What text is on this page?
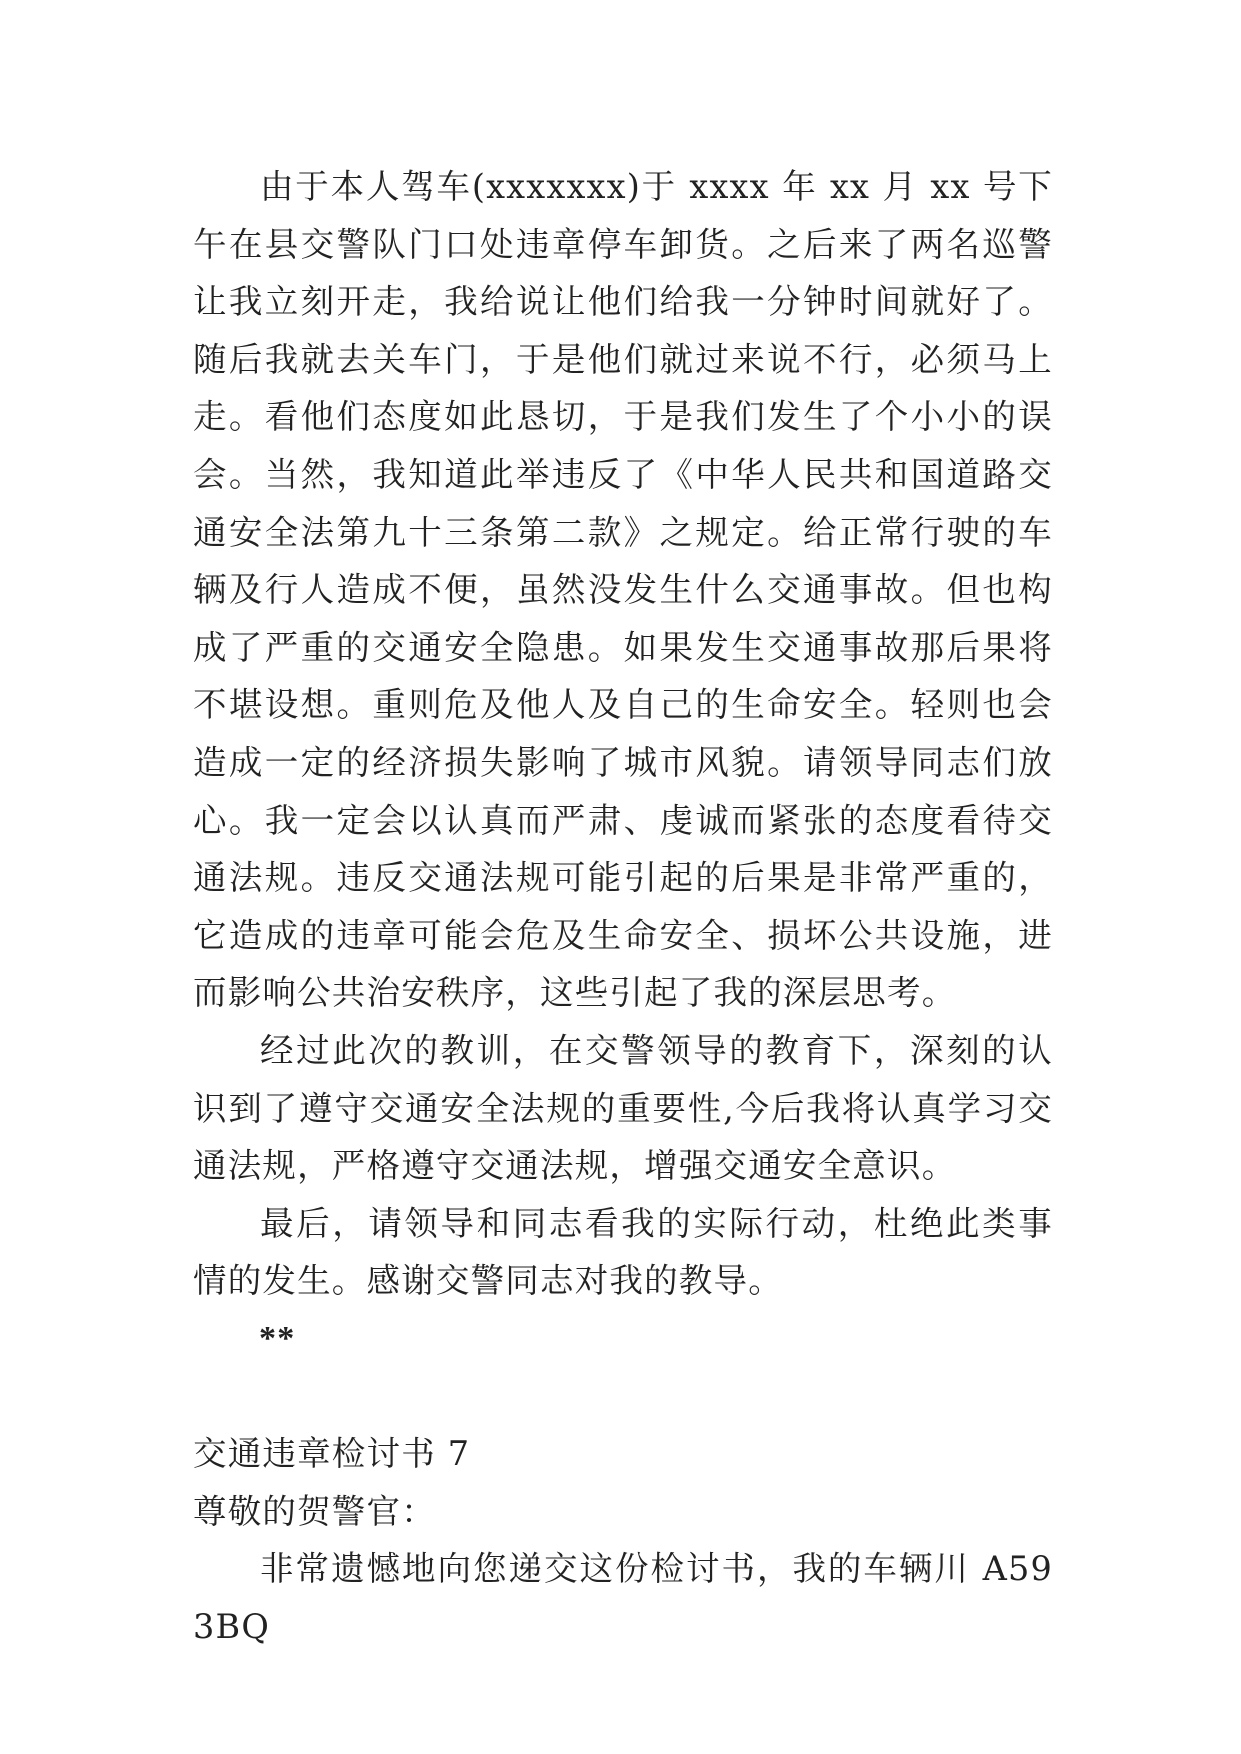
由于本人驾车(xxxxxxx)于 xxxx 年 xx 月 xx 号下午在县交警队门口处违章停车卸货。之后来了两名巡警让我立刻开走，我给说让他们给我一分钟时间就好了。随后我就去关车门，于是他们就过来说不行，必须马上走。看他们态度如此恳切，于是我们发生了个小小的误会。当然，我知道此举违反了《中华人民共和国道路交通安全法第九十三条第二款》之规定。给正常行驶的车辆及行人造成不便，虽然没发生什么交通事故。但也构成了严重的交通安全隐患。如果发生交通事故那后果将不堪设想。重则危及他人及自己的生命安全。轻则也会造成一定的经济损失影响了城市风貌。请领导同志们放心。我一定会以认真而严肃、虔诚而紧张的态度看待交通法规。违反交通法规可能引起的后果是非常严重的，它造成的违章可能会危及生命安全、损坏公共设施，进而影响公共治安秩序，这些引起了我的深层思考。

经过此次的教训，在交警领导的教育下，深刻的认识到了遵守交通安全法规的重要性,今后我将认真学习交通法规，严格遵守交通法规，增强交通安全意识。

最后，请领导和同志看我的实际行动，杜绝此类事情的发生。感谢交警同志对我的教导。

**

交通违章检讨书 7

尊敬的贺警官：

非常遗憾地向您递交这份检讨书，我的车辆川 A593BQ
